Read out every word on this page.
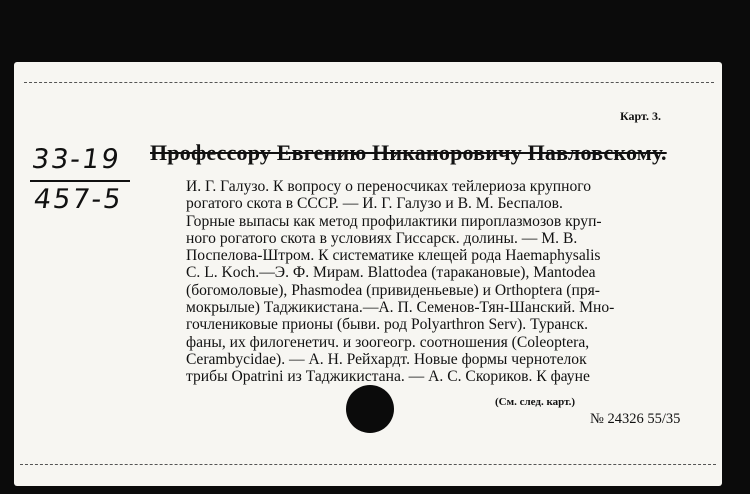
33-19
457-5
Карт. 3.
Профессору Евгению Никаноровичу Павловскому.
И. Г. Галузо. К вопросу о переносчиках тейлериоза крупного
рогатого скота в СССР. — И. Г. Галузо и В. М. Беспалов.
Горные выпасы как метод профилактики пироплазмозов круп-
ного рогатого скота в условиях Гиссарск. долины. — М. В.
Поспелова-Штром. К систематике клещей рода Haemaphysalis
C. L. Koch.—Э. Ф. Мирам. Blattodea (таракановые), Mantodea
(богомоловые), Phasmodea (привиденьевые) и Orthoptera (пря-
мокрылые) Таджикистана.—А. П. Семенов-Тян-Шанский. Мно-
гочлениковые прионы (быви. род Polyarthron Serv). Туранск.
фаны, их филогенетич. и зоогеогр. соотношения (Coleoptera,
Cerambycidae). — А. Н. Рейхардт. Новые формы чернотелок
трибы Opatrini из Таджикистана. — А. С. Скориков. К фауне
(См. след. карт.)
№ 24326 55/35
